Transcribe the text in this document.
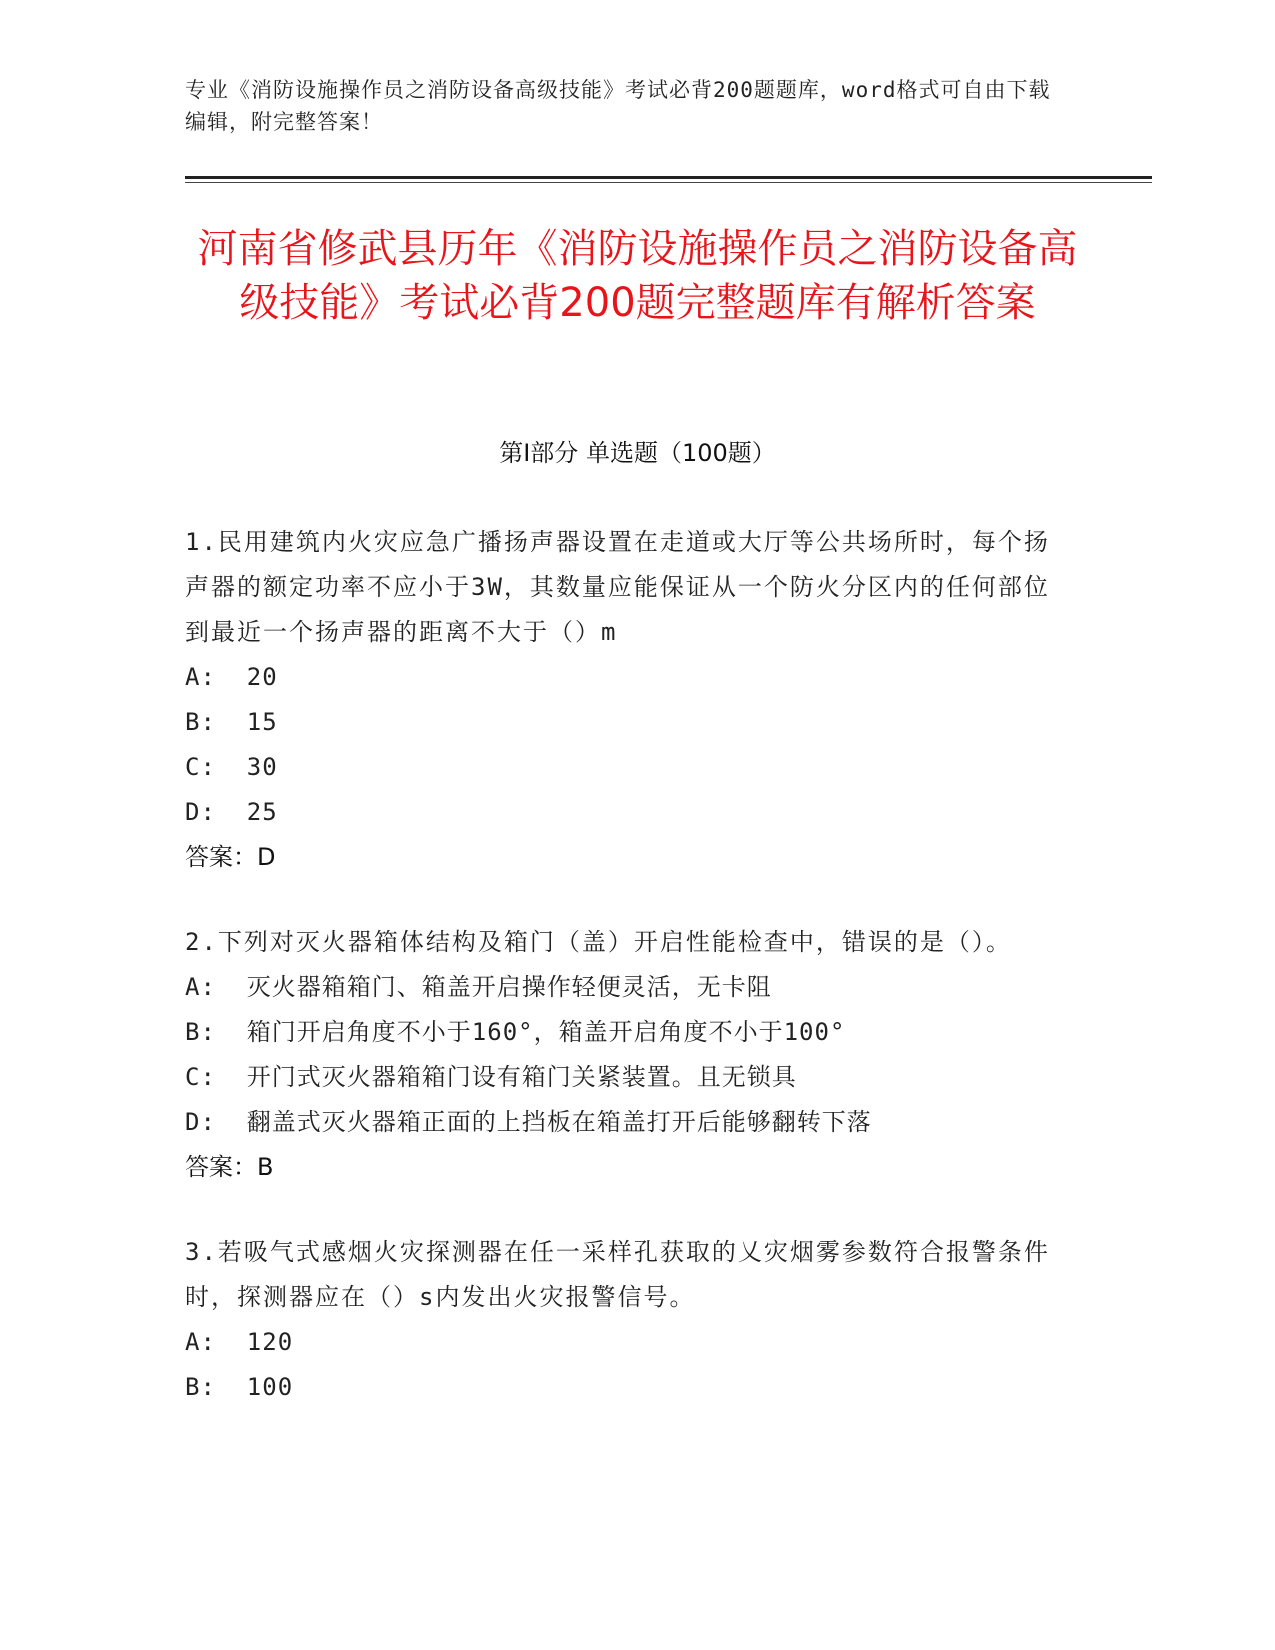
专业《消防设施操作员之消防设备高级技能》考试必背200题题库，word格式可自由下载编辑，附完整答案！
河南省修武县历年《消防设施操作员之消防设备高级技能》考试必背200题完整题库有解析答案
第I部分 单选题（100题）
1.民用建筑内火灾应急广播扬声器设置在走道或大厅等公共场所时，每个扬声器的额定功率不应小于3W，其数量应能保证从一个防火分区内的任何部位到最近一个扬声器的距离不大于（）m
A:  20
B:  15
C:  30
D:  25
答案：D
2.下列对灭火器箱体结构及箱门（盖）开启性能检查中，错误的是（）。
A:  灭火器箱箱门、箱盖开启操作轻便灵活，无卡阻
B:  箱门开启角度不小于160°，箱盖开启角度不小于100°
C:  开门式灭火器箱箱门设有箱门关紧装置。且无锁具
D:  翻盖式灭火器箱正面的上挡板在箱盖打开后能够翻转下落
答案：B
3.若吸气式感烟火灾探测器在任一采样孔获取的乂灾烟雾参数符合报警条件时，探测器应在（）s内发出火灾报警信号。
A:  120
B:  100
